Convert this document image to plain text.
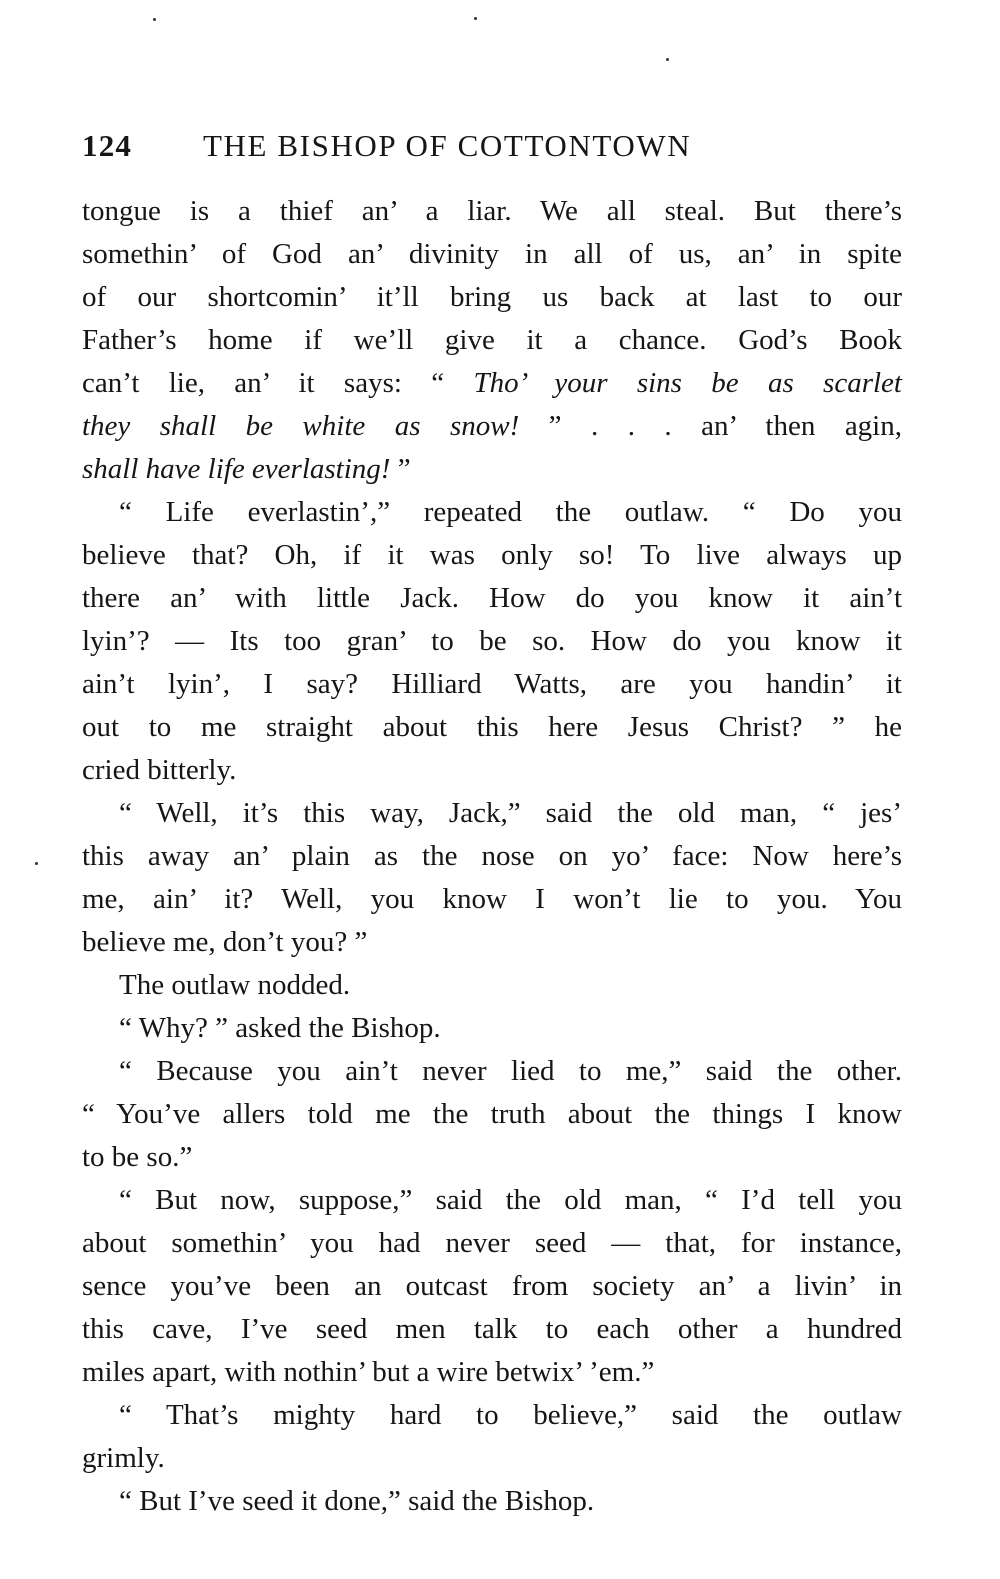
124 THE BISHOP OF COTTONTOWN
tongue is a thief an’ a liar. We all steal. But there’s
somethin’ of God an’ divinity in all of us, an’ in spite
of our shortcomin’ it’ll bring us back at last to our
Father’s home if we’ll give it a chance. God’s Book
can’t lie, an’ it says: “ Tho’ your sins be as scarlet
they shall be white as snow! ” . . . an’ then agin,
shall have life everlasting! ”
“ Life everlastin’,” repeated the outlaw. “ Do you
believe that? Oh, if it was only so! To live always up
there an’ with little Jack. How do you know it ain’t
lyin’? — Its too gran’ to be so. How do you know it
ain’t lyin’, I say? Hilliard Watts, are you handin’ it
out to me straight about this here Jesus Christ? ” he
cried bitterly.
“ Well, it’s this way, Jack,” said the old man, “ jes’
this away an’ plain as the nose on yo’ face: Now here’s
me, ain’ it? Well, you know I won’t lie to you. You
believe me, don’t you? ”
The outlaw nodded.
“ Why? ” asked the Bishop.
“ Because you ain’t never lied to me,” said the other.
“ You’ve allers told me the truth about the things I know
to be so.”
“ But now, suppose,” said the old man, “ I’d tell you
about somethin’ you had never seed — that, for instance,
sence you’ve been an outcast from society an’ a livin’ in
this cave, I’ve seed men talk to each other a hundred
miles apart, with nothin’ but a wire betwix’ ’em.”
“ That’s mighty hard to believe,” said the outlaw
grimly.
“ But I’ve seed it done,” said the Bishop.
